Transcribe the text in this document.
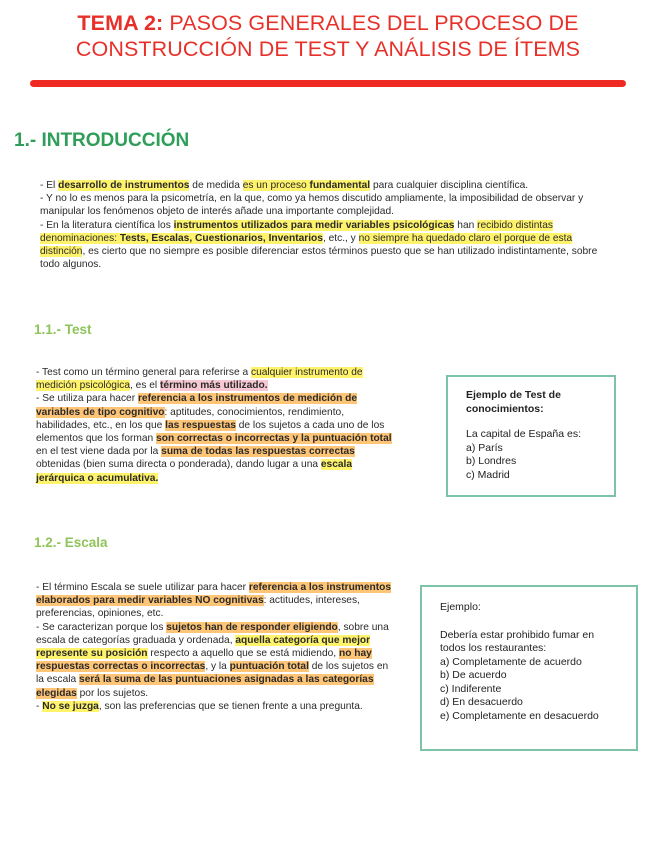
TEMA 2: PASOS GENERALES DEL PROCESO DE
CONSTRUCCIÓN DE TEST Y ANÁLISIS DE ÍTEMS
1.- INTRODUCCIÓN

- El desarrollo de instrumentos de medida es un proceso fundamental para cualquier disciplina científica.

- Y no lo es menos para la psicometría, en la que, como ya hemos discutido ampliamente, la imposibilidad de observar y manipular los fenómenos objeto de interés añade una importante complejidad.

- En la literatura científica los instrumentos utilizados para medir variables psicológicas han recibido distintas denominaciones: Tests, Escalas, Cuestionarios, Inventarios, etc., y no siempre ha quedado claro el porque de esta distinción, es cierto que no siempre es posible diferenciar estos términos puesto que se han utilizado indistintamente, sobre todo algunos.

1.1.- Test

- Test como un término general para referirse a cualquier instrumento de medición psicológica, es el término más utilizado.

- Se utiliza para hacer referencia a los instrumentos de medición de variables de tipo cognitivo: aptitudes, conocimientos, rendimiento, habilidades, etc., en los que las respuestas de los sujetos a cada uno de los elementos que los forman son correctas o incorrectas y la puntuación total en el test viene dada por la suma de todas las respuestas correctas obtenidas (bien suma directa o ponderada), dando lugar a una escala jerárquica o acumulativa.

Ejemplo de Test de conocimientos:
La capital de España es:
a) París
b) Londres
c) Madrid
1.2.- Escala

- El término Escala se suele utilizar para hacer referencia a los instrumentos elaborados para medir variables NO cognitivas: actitudes, intereses, preferencias, opiniones, etc.

- Se caracterizan porque los sujetos han de responder eligiendo, sobre una escala de categorías graduada y ordenada, aquella categoría que mejor represente su posición respecto a aquello que se está midiendo, no hay respuestas correctas o incorrectas, y la puntuación total de los sujetos en la escala será la suma de las puntuaciones asignadas a las categorías elegidas por los sujetos.

- No se juzga, son las preferencias que se tienen frente a una pregunta.

Ejemplo:
Debería estar prohibido fumar en todos los restaurantes:
a) Completamente de acuerdo
b) De acuerdo
c) Indiferente
d) En desacuerdo
e) Completamente en desacuerdo
